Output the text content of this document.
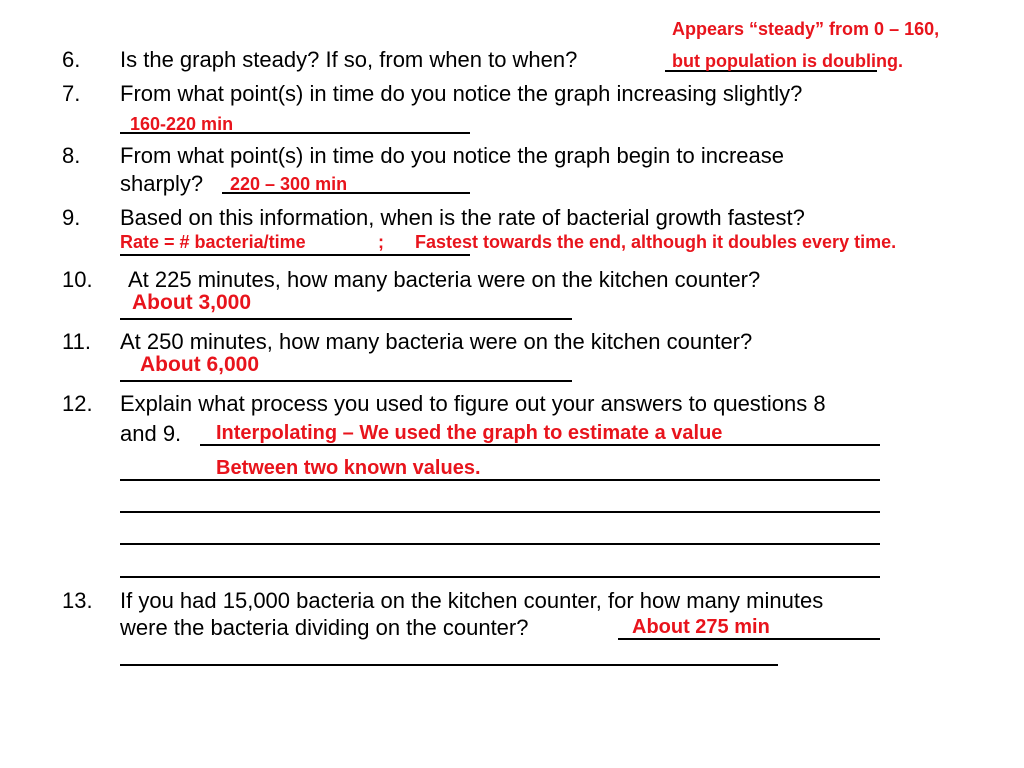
6. Is the graph steady? If so, from when to when?
Appears “steady” from 0 – 160,
but population is doubling.
7. From what point(s) in time do you notice the graph increasing slightly?
160-220 min
8. From what point(s) in time do you notice the graph begin to increase
sharply? 220 – 300 min
9. Based on this information, when is the rate of bacterial growth fastest?
Rate = # bacteria/time	; Fastest towards the end, although it doubles every time.
10. At 225 minutes, how many bacteria were on the kitchen counter?
About 3,000
11. At 250 minutes, how many bacteria were on the kitchen counter?
About 6,000
12. Explain what process you used to figure out your answers to questions 8
and 9. Interpolating – We used the graph to estimate a value
Between two known values.
13. If you had 15,000 bacteria on the kitchen counter, for how many minutes
were the bacteria dividing on the counter?	About 275 min
